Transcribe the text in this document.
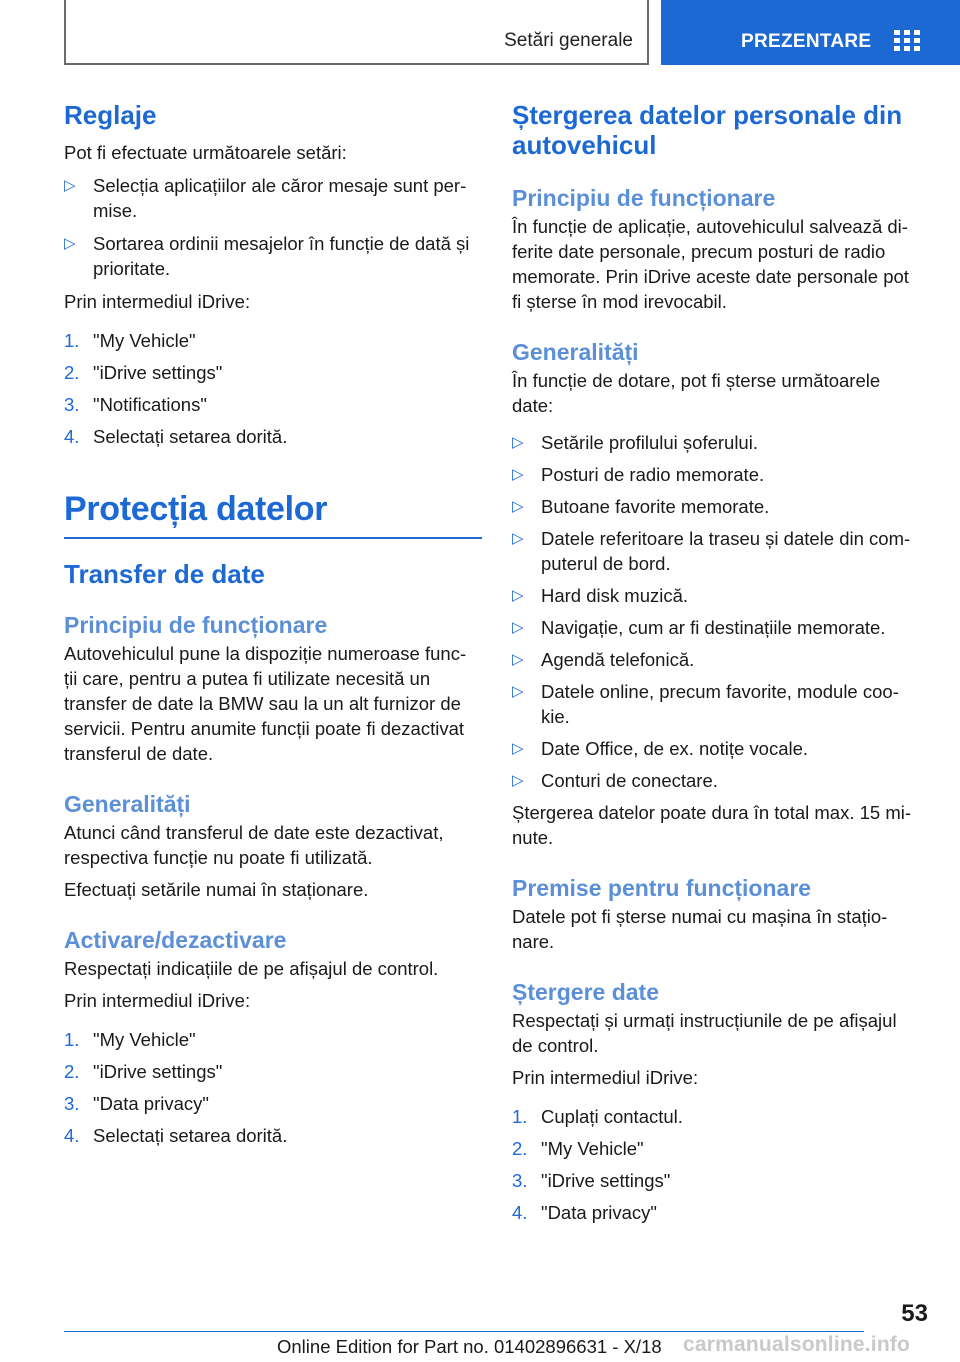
Setări generale	PREZENTARE
Reglaje
Pot fi efectuate următoarele setări:
▷ Selecția aplicațiilor ale căror mesaje sunt per-
mise.
▷ Sortarea ordinii mesajelor în funcție de dată și
prioritate.
Prin intermediul iDrive:
1. "My Vehicle"
2. "iDrive settings"
3. "Notifications"
4. Selectați setarea dorită.
Protecția datelor
Transfer de date
Principiu de funcționare
Autovehiculul pune la dispoziție numeroase func-
ții care, pentru a putea fi utilizate necesită un
transfer de date la BMW sau la un alt furnizor de
servicii. Pentru anumite funcții poate fi dezactivat
transferul de date.
Generalități
Atunci când transferul de date este dezactivat,
respectiva funcție nu poate fi utilizată.
Efectuați setările numai în staționare.
Activare/dezactivare
Respectați indicațiile de pe afișajul de control.
Prin intermediul iDrive:
1. "My Vehicle"
2. "iDrive settings"
3. "Data privacy"
4. Selectați setarea dorită.
Ștergerea datelor personale din
autovehicul
Principiu de funcționare
În funcție de aplicație, autovehiculul salvează di-
ferite date personale, precum posturi de radio
memorate. Prin iDrive aceste date personale pot
fi șterse în mod irevocabil.
Generalități
În funcție de dotare, pot fi șterse următoarele
date:
▷ Setările profilului șoferului.
▷ Posturi de radio memorate.
▷ Butoane favorite memorate.
▷ Datele referitoare la traseu și datele din com-
puterul de bord.
▷ Hard disk muzică.
▷ Navigație, cum ar fi destinațiile memorate.
▷ Agendă telefonică.
▷ Datele online, precum favorite, module coo-
kie.
▷ Date Office, de ex. notițe vocale.
▷ Conturi de conectare.
Ștergerea datelor poate dura în total max. 15 mi-
nute.
Premise pentru funcționare
Datele pot fi șterse numai cu mașina în stațio-
nare.
Ștergere date
Respectați și urmați instrucțiunile de pe afișajul
de control.
Prin intermediul iDrive:
1. Cuplați contactul.
2. "My Vehicle"
3. "iDrive settings"
4. "Data privacy"
53
Online Edition for Part no. 01402896631 - X/18 carmanualsonline.info
